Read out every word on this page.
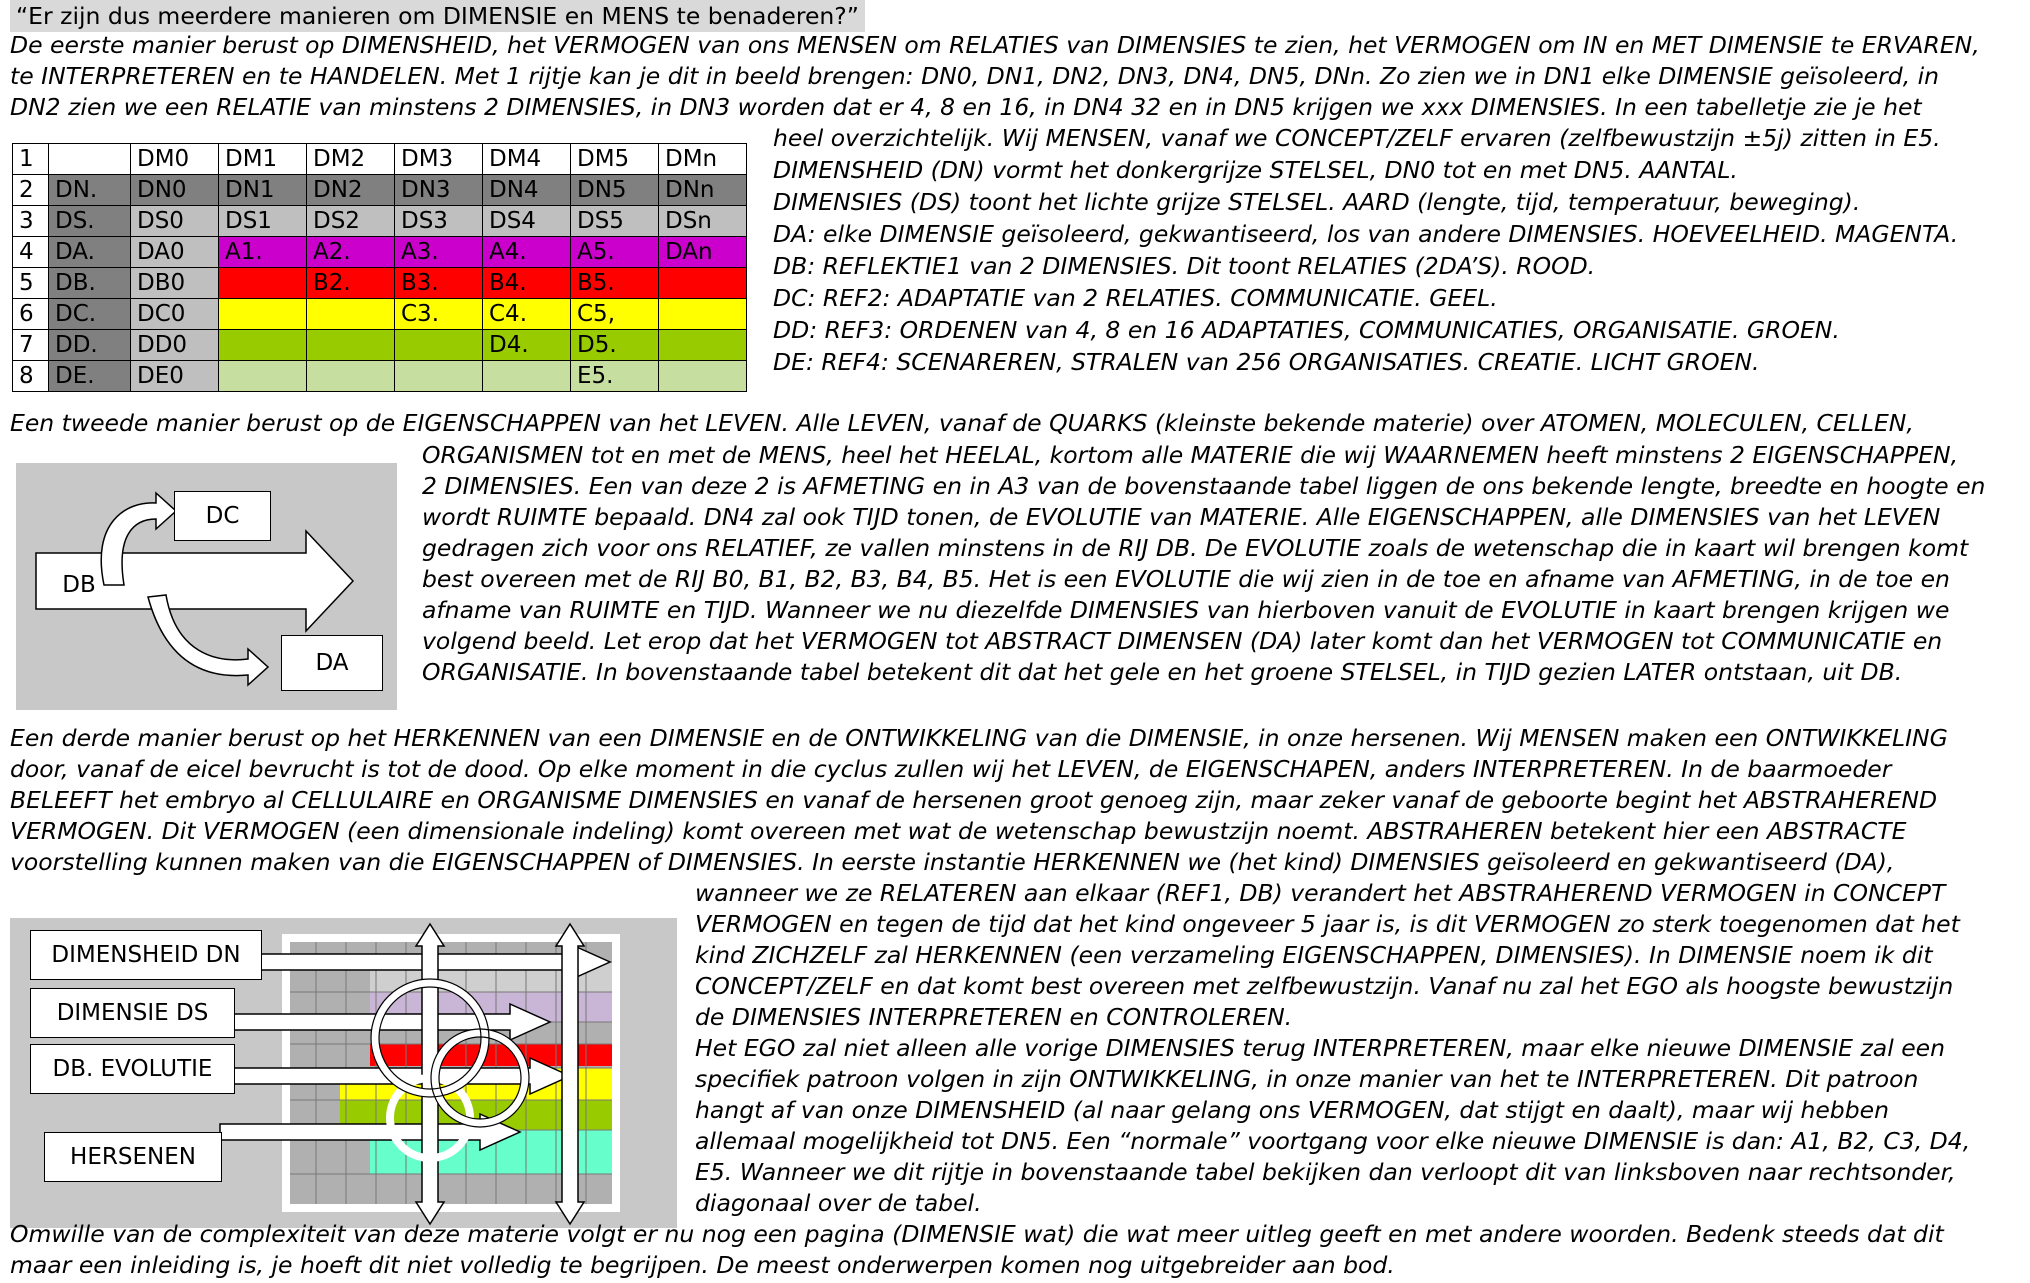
“Er zijn dus meerdere manieren om DIMENSIE en MENS te benaderen?”
De eerste manier berust op DIMENSHEID, het VERMOGEN van ons MENSEN om RELATIES van DIMENSIES te zien, het VERMOGEN om IN en MET DIMENSIE te ERVAREN,
te INTERPRETEREN en te HANDELEN. Met 1 rijtje kan je dit in beeld brengen: DN0, DN1, DN2, DN3, DN4, DN5, DNn. Zo zien we in DN1 elke DIMENSIE geïsoleerd, in
DN2 zien we een RELATIE van minstens 2 DIMENSIES, in DN3 worden dat er 4, 8 en 16, in DN4 32 en in DN5 krijgen we xxx DIMENSIES. In een tabelletje zie je het
1		DM0	DM1	DM2	DM3	DM4	DM5	DMn
2	DN.	DN0	DN1	DN2	DN3	DN4	DN5	DNn
3	DS.	DS0	DS1	DS2	DS3	DS4	DS5	DSn
4	DA.	DA0	A1.	A2.	A3.	A4.	A5.	DAn
5	DB.	DB0		B2.	B3.	B4.	B5.	
6	DC.	DC0			C3.	C4.	C5,	
7	DD.	DD0				D4.	D5.	
8	DE.	DE0					E5.	
heel overzichtelijk. Wij MENSEN, vanaf we CONCEPT/ZELF ervaren (zelfbewustzijn ±5j) zitten in E5.
DIMENSHEID (DN) vormt het donkergrijze STELSEL, DN0 tot en met DN5. AANTAL.
DIMENSIES (DS) toont het lichte grijze STELSEL. AARD (lengte, tijd, temperatuur, beweging).
DA: elke DIMENSIE geïsoleerd, gekwantiseerd, los van andere DIMENSIES. HOEVEELHEID. MAGENTA.
DB: REFLEKTIE1 van 2 DIMENSIES. Dit toont RELATIES (2DA’S). ROOD.
DC: REF2: ADAPTATIE van 2 RELATIES. COMMUNICATIE. GEEL.
DD: REF3: ORDENEN van 4, 8 en 16 ADAPTATIES, COMMUNICATIES, ORGANISATIE. GROEN.
DE: REF4: SCENAREREN, STRALEN van 256 ORGANISATIES. CREATIE. LICHT GROEN.
Een tweede manier berust op de EIGENSCHAPPEN van het LEVEN. Alle LEVEN, vanaf de QUARKS (kleinste bekende materie) over ATOMEN, MOLECULEN, CELLEN,
ORGANISMEN tot en met de MENS, heel het HEELAL, kortom alle MATERIE die wij WAARNEMEN heeft minstens 2 EIGENSCHAPPEN,
2 DIMENSIES. Een van deze 2 is AFMETING en in A3 van de bovenstaande tabel liggen de ons bekende lengte, breedte en hoogte en
wordt RUIMTE bepaald. DN4 zal ook TIJD tonen, de EVOLUTIE van MATERIE. Alle EIGENSCHAPPEN, alle DIMENSIES van het LEVEN
gedragen zich voor ons RELATIEF, ze vallen minstens in de RIJ DB. De EVOLUTIE zoals de wetenschap die in kaart wil brengen komt
best overeen met de RIJ B0, B1, B2, B3, B4, B5. Het is een EVOLUTIE die wij zien in de toe en afname van AFMETING, in de toe en
afname van RUIMTE en TIJD. Wanneer we nu diezelfde DIMENSIES van hierboven vanuit de EVOLUTIE in kaart brengen krijgen we
volgend beeld. Let erop dat het VERMOGEN tot ABSTRACT DIMENSEN (DA) later komt dan het VERMOGEN tot COMMUNICATIE en
ORGANISATIE. In bovenstaande tabel betekent dit dat het gele en het groene STELSEL, in TIJD gezien LATER ontstaan, uit DB.
DC
DB
DA
Een derde manier berust op het HERKENNEN van een DIMENSIE en de ONTWIKKELING van die DIMENSIE, in onze hersenen. Wij MENSEN maken een ONTWIKKELING
door, vanaf de eicel bevrucht is tot de dood. Op elke moment in die cyclus zullen wij het LEVEN, de EIGENSCHAPEN, anders INTERPRETEREN. In de baarmoeder
BELEEFT het embryo al CELLULAIRE en ORGANISME DIMENSIES en vanaf de hersenen groot genoeg zijn, maar zeker vanaf de geboorte begint het ABSTRAHEREND
VERMOGEN. Dit VERMOGEN (een dimensionale indeling) komt overeen met wat de wetenschap bewustzijn noemt. ABSTRAHEREN betekent hier een ABSTRACTE
voorstelling kunnen maken van die EIGENSCHAPPEN of DIMENSIES. In eerste instantie HERKENNEN we (het kind) DIMENSIES geïsoleerd en gekwantiseerd (DA),
wanneer we ze RELATEREN aan elkaar (REF1, DB) verandert het ABSTRAHEREND VERMOGEN in CONCEPT
VERMOGEN en tegen de tijd dat het kind ongeveer 5 jaar is, is dit VERMOGEN zo sterk toegenomen dat het
kind ZICHZELF zal HERKENNEN (een verzameling EIGENSCHAPPEN, DIMENSIES). In DIMENSIE noem ik dit
CONCEPT/ZELF en dat komt best overeen met zelfbewustzijn. Vanaf nu zal het EGO als hoogste bewustzijn
de DIMENSIES INTERPRETEREN en CONTROLEREN.
Het EGO zal niet alleen alle vorige DIMENSIES terug INTERPRETEREN, maar elke nieuwe DIMENSIE zal een
specifiek patroon volgen in zijn ONTWIKKELING, in onze manier van het te INTERPRETEREN. Dit patroon
hangt af van onze DIMENSHEID (al naar gelang ons VERMOGEN, dat stijgt en daalt), maar wij hebben
allemaal mogelijkheid tot DN5. Een “normale” voortgang voor elke nieuwe DIMENSIE is dan: A1, B2, C3, D4,
E5. Wanneer we dit rijtje in bovenstaande tabel bekijken dan verloopt dit van linksboven naar rechtsonder,
diagonaal over de tabel.
DIMENSHEID DN
DIMENSIE DS
DB. EVOLUTIE
HERSENEN
Omwille van de complexiteit van deze materie volgt er nu nog een pagina (DIMENSIE wat) die wat meer uitleg geeft en met andere woorden. Bedenk steeds dat dit
maar een inleiding is, je hoeft dit niet volledig te begrijpen. De meest onderwerpen komen nog uitgebreider aan bod.
